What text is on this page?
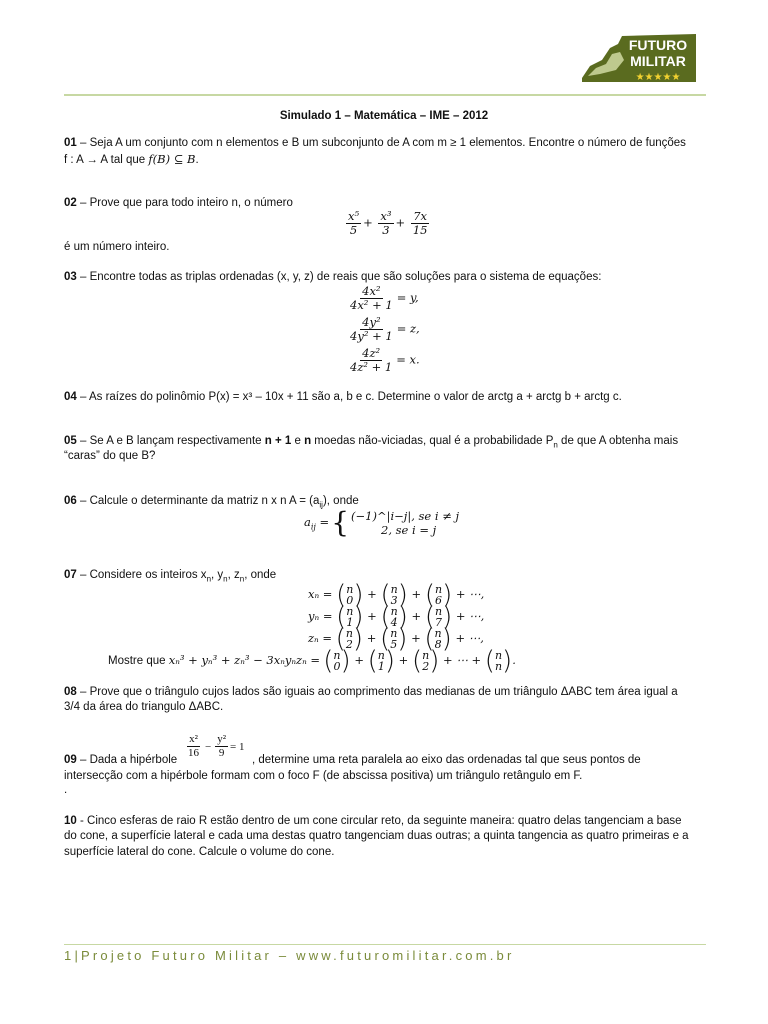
FUTURO
MILITAR
★★★★★
Simulado 1 – Matemática – IME – 2012
01 – Seja A um conjunto com n elementos e B um subconjunto de A com m ≥ 1 elementos. Encontre o número de funções
f : A → A tal que f(B) ⊆ B.
02 – Prove que para todo inteiro n, o número
$\frac{\text{x⁵}}{5} + \frac{\text{x³}}{3} + \frac{7x}{15}$
é um número inteiro.
03 – Encontre todas as triplas ordenadas (x, y, z) de reais que são soluções para o sistema de equações:
$\frac{\text{4x²}}{\text{4x² + 1}} = y$,
$\frac{\text{4y²}}{\text{4y² + 1}} = z$,
$\frac{\text{4z²}}{\text{4z² + 1}} = x$.
04 – As raízes do polinômio P(x) = x³ – 10x + 11 são a, b e c. Determine o valor de arctg a + arctg b + arctg c.
05 – Se A e B lançam respectivamente n + 1 e n moedas não-viciadas, qual é a probabilidade $P_n$ de que A obtenha mais
“caras” do que B?
06 – Calcule o determinante da matriz n x n $A = (a_{ij})$, onde
$a_{ij}$ = { (−1)^|i−j|, se i ≠ j
2, se i = j
07 – Considere os inteiros $x_n$, $y_n$, $z_n$, onde
xₙ = ( n
0 ) + ( n
3 ) + ( n
6 ) + ⋯,
yₙ = ( n
1 ) + ( n
4 ) + ( n
7 ) + ⋯,
zₙ = ( n
2 ) + ( n
5 ) + ( n
8 ) + ⋯,
Mostre que xₙ³ + yₙ³ + zₙ³ − 3xₙyₙzₙ = ( n
0 ) + ( n
1 ) + ( n
2 ) + ⋯ + ( n
n ) .
08 – Prove que o triângulo cujos lados são iguais ao comprimento das medianas de um triângulo ΔABC tem área igual a
3/4 da área do triangulo ΔABC.
09 – Dada a hipérbole $\frac{\text{x²}}{16} - \frac{\text{y²}}{9} = 1$
, determine uma reta paralela ao eixo das ordenadas tal que seus pontos de
intersecção com a hipérbole formam com o foco F (de abscissa positiva) um triângulo retângulo em F.
.
10 - Cinco esferas de raio R estão dentro de um cone circular reto, da seguinte maneira: quatro delas tangenciam a base
do cone, a superfície lateral e cada uma destas quatro tangenciam duas outras; a quinta tangencia as quatro primeiras e a
superfície lateral do cone. Calcule o volume do cone.
1|Projeto Futuro Militar – www.futuromilitar.com.br
